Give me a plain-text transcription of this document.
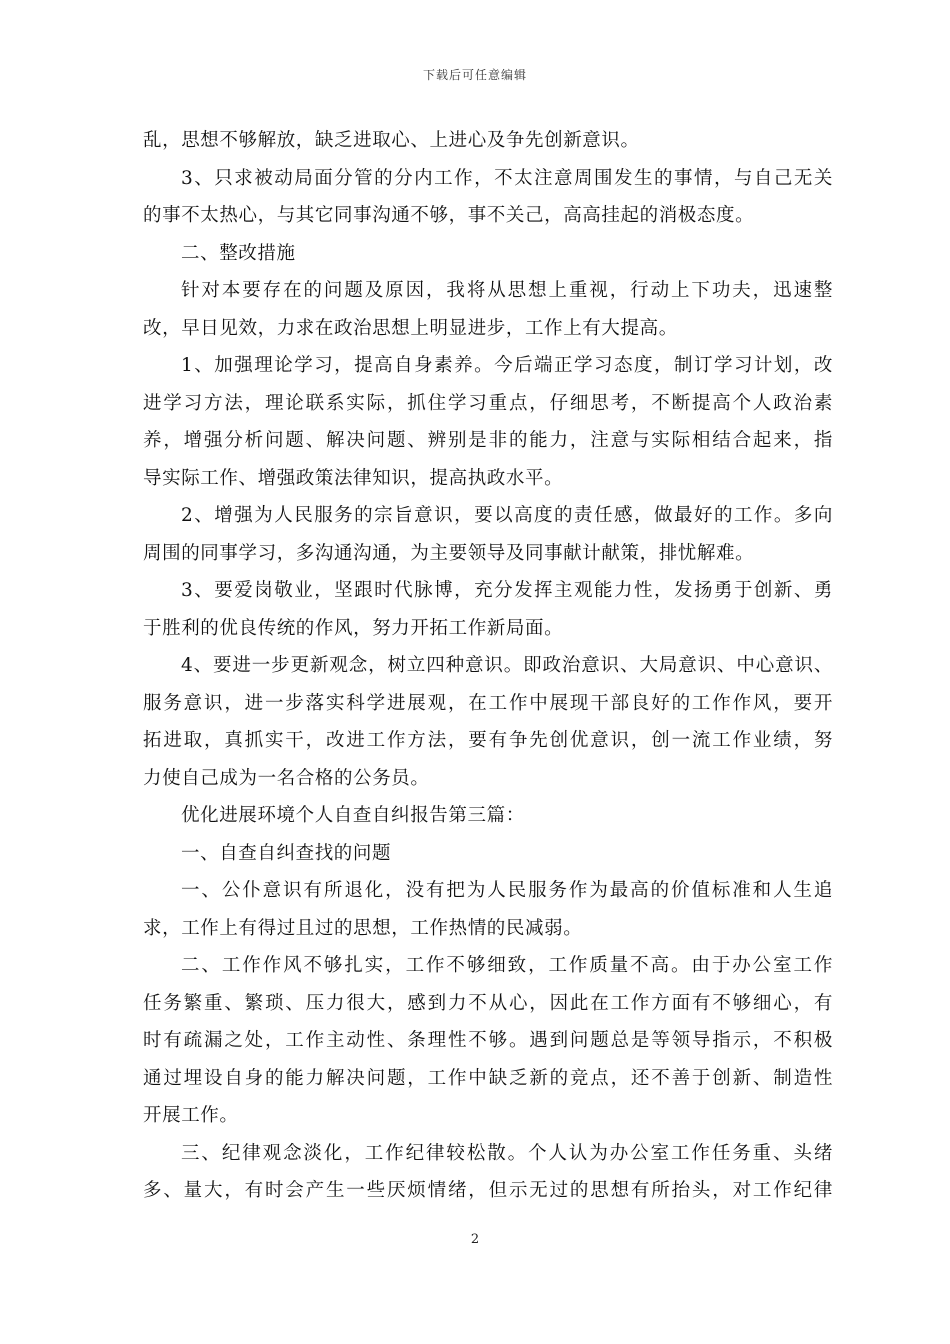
下载后可任意编辑
乱，思想不够解放，缺乏进取心、上进心及争先创新意识。
3、只求被动局面分管的分内工作，不太注意周围发生的事情，与自己无关
的事不太热心，与其它同事沟通不够，事不关己，高高挂起的消极态度。
二、整改措施
针对本要存在的问题及原因，我将从思想上重视，行动上下功夫，迅速整
改，早日见效，力求在政治思想上明显进步，工作上有大提高。
1、加强理论学习，提高自身素养。今后端正学习态度，制订学习计划，改
进学习方法，理论联系实际，抓住学习重点，仔细思考，不断提高个人政治素
养，增强分析问题、解决问题、辨别是非的能力，注意与实际相结合起来，指
导实际工作、增强政策法律知识，提高执政水平。
2、增强为人民服务的宗旨意识，要以高度的责任感，做最好的工作。多向
周围的同事学习，多沟通沟通，为主要领导及同事献计献策，排忧解难。
3、要爱岗敬业，坚跟时代脉博，充分发挥主观能力性，发扬勇于创新、勇
于胜利的优良传统的作风，努力开拓工作新局面。
4、要进一步更新观念，树立四种意识。即政治意识、大局意识、中心意识、
服务意识，进一步落实科学进展观，在工作中展现干部良好的工作作风，要开
拓进取，真抓实干，改进工作方法，要有争先创优意识，创一流工作业绩，努
力使自己成为一名合格的公务员。
优化进展环境个人自查自纠报告第三篇：
一、自查自纠查找的问题
一、公仆意识有所退化，没有把为人民服务作为最高的价值标准和人生追
求，工作上有得过且过的思想，工作热情的民减弱。
二、工作作风不够扎实，工作不够细致，工作质量不高。由于办公室工作
任务繁重、繁琐、压力很大，感到力不从心，因此在工作方面有不够细心，有
时有疏漏之处，工作主动性、条理性不够。遇到问题总是等领导指示，不积极
通过埋设自身的能力解决问题，工作中缺乏新的竞点，还不善于创新、制造性
开展工作。
三、纪律观念淡化，工作纪律较松散。个人认为办公室工作任务重、头绪
多、量大，有时会产生一些厌烦情绪，但示无过的思想有所抬头，对工作纪律
2
